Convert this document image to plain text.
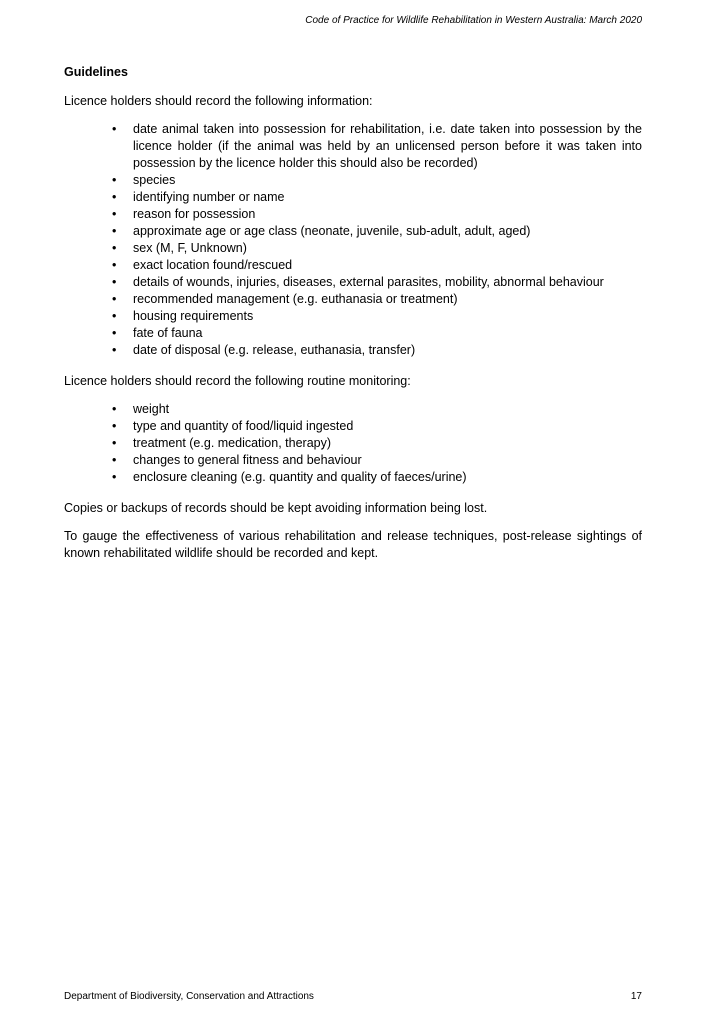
Code of Practice for Wildlife Rehabilitation in Western Australia: March 2020
Guidelines

Licence holders should record the following information:

• date animal taken into possession for rehabilitation, i.e. date taken into possession by the licence holder (if the animal was held by an unlicensed person before it was taken into possession by the licence holder this should also be recorded)
• species
• identifying number or name
• reason for possession
• approximate age or age class (neonate, juvenile, sub-adult, adult, aged)
• sex (M, F, Unknown)
• exact location found/rescued
• details of wounds, injuries, diseases, external parasites, mobility, abnormal behaviour
• recommended management (e.g. euthanasia or treatment)
• housing requirements
• fate of fauna
• date of disposal (e.g. release, euthanasia, transfer)

Licence holders should record the following routine monitoring:

• weight
• type and quantity of food/liquid ingested
• treatment (e.g. medication, therapy)
• changes to general fitness and behaviour
• enclosure cleaning (e.g. quantity and quality of faeces/urine)

Copies or backups of records should be kept avoiding information being lost.

To gauge the effectiveness of various rehabilitation and release techniques, post-release sightings of known rehabilitated wildlife should be recorded and kept.

Department of Biodiversity, Conservation and Attractions	17
